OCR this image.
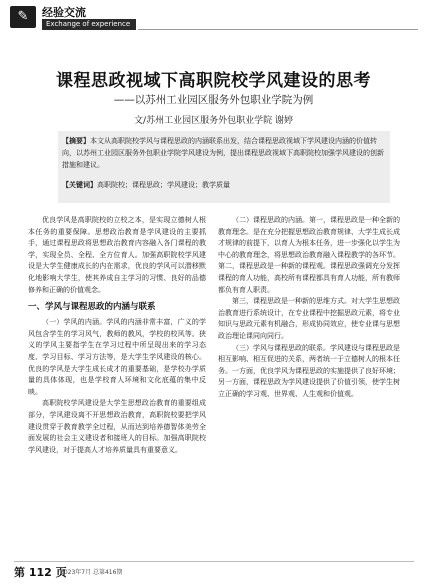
✎	经验交流
Exchange of experience
课程思政视域下高职院校学风建设的思考
——以苏州工业园区服务外包职业学院为例
文/苏州工业园区服务外包职业学院 谢婷
【摘要】本文从高职院校学风与课程思政的内涵联系出发，结合课程思政视域下学风建设内涵的价值转向，以苏州工业园区服务外包职业学院学风建设为例，提出课程思政视域下高职院校加强学风建设的创新措施和建议。
【关键词】高职院校；课程思政；学风建设；教学质量

优良学风是高职院校的立校之本，是实现立德树人根本任务的重要保障。思想政治教育是学风建设的主要抓手，通过课程思政将思想政治教育内容融入各门课程的教学，实现全员、全程、全方位育人。加强高职院校学风建设是大学生健康成长的内在需求，优良的学风可以潜移默化地影响大学生，使其养成自主学习的习惯、良好的品德修养和正确的价值观念。

一、学风与课程思政的内涵与联系

（一）学风的内涵。学风的内涵非常丰富，广义的学风包含学生的学习风气，教师的教风，学校的校风等。狭义的学风主要指学生在学习过程中所呈现出来的学习态度、学习目标、学习方法等，是大学生学风建设的核心。优良的学风是大学生成长成才的重要基础，是学校办学质量的具体体现，也是学校育人环境和文化底蕴的集中反映。

高职院校学风建设是大学生思想政治教育的重要组成部分，学风建设离不开思想政治教育，高职院校要把学风建设贯穿于教育教学全过程，从而达到培养德智体美劳全面发展的社会主义建设者和接班人的目标。加强高职院校学风建设，对于提高人才培养质量具有重要意义。

（二）课程思政的内涵。第一，课程思政是一种全新的教育理念。是在充分把握思想政治教育规律、大学生成长成才规律的前提下，以育人为根本任务，进一步强化以学生为中心的教育理念，将思想政治教育融入课程教学的各环节。第二，课程思政是一种新的课程观。课程思政强调充分发挥课程的育人功能，高校所有课程都具有育人功能，所有教师都负有育人职责。

第三，课程思政是一种新的思维方式。对大学生思想政治教育进行系统设计，在专业课程中挖掘思政元素，将专业知识与思政元素有机融合，形成协同效应，使专业课与思想政治理论课同向同行。

（三）学风与课程思政的联系。学风建设与课程思政是相互影响、相互促进的关系，两者统一于立德树人的根本任务。一方面，优良学风为课程思政的实施提供了良好环境；另一方面，课程思政为学风建设提供了价值引领，使学生树立正确的学习观、世界观、人生观和价值观。

第 112 页
2023年7月 总第416期
